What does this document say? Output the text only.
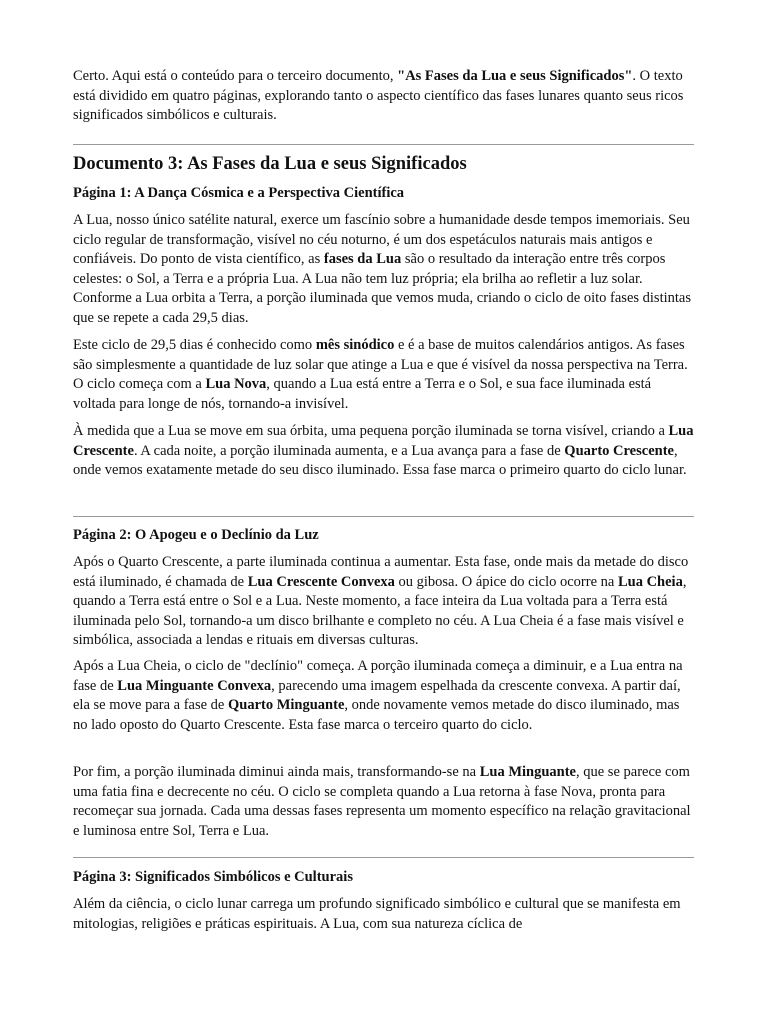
Certo. Aqui está o conteúdo para o terceiro documento, "As Fases da Lua e seus Significados". O texto está dividido em quatro páginas, explorando tanto o aspecto científico das fases lunares quanto seus ricos significados simbólicos e culturais.

Documento 3: As Fases da Lua e seus Significados
Página 1: A Dança Cósmica e a Perspectiva Científica

A Lua, nosso único satélite natural, exerce um fascínio sobre a humanidade desde tempos imemoriais. Seu ciclo regular de transformação, visível no céu noturno, é um dos espetáculos naturais mais antigos e confiáveis. Do ponto de vista científico, as fases da Lua são o resultado da interação entre três corpos celestes: o Sol, a Terra e a própria Lua. A Lua não tem luz própria; ela brilha ao refletir a luz solar. Conforme a Lua orbita a Terra, a porção iluminada que vemos muda, criando o ciclo de oito fases distintas que se repete a cada 29,5 dias.

Este ciclo de 29,5 dias é conhecido como mês sinódico e é a base de muitos calendários antigos. As fases são simplesmente a quantidade de luz solar que atinge a Lua e que é visível da nossa perspectiva na Terra. O ciclo começa com a Lua Nova, quando a Lua está entre a Terra e o Sol, e sua face iluminada está voltada para longe de nós, tornando-a invisível.

À medida que a Lua se move em sua órbita, uma pequena porção iluminada se torna visível, criando a Lua Crescente. A cada noite, a porção iluminada aumenta, e a Lua avança para a fase de Quarto Crescente, onde vemos exatamente metade do seu disco iluminado. Essa fase marca o primeiro quarto do ciclo lunar.

Página 2: O Apogeu e o Declínio da Luz

Após o Quarto Crescente, a parte iluminada continua a aumentar. Esta fase, onde mais da metade do disco está iluminado, é chamada de Lua Crescente Convexa ou gibosa. O ápice do ciclo ocorre na Lua Cheia, quando a Terra está entre o Sol e a Lua. Neste momento, a face inteira da Lua voltada para a Terra está iluminada pelo Sol, tornando-a um disco brilhante e completo no céu. A Lua Cheia é a fase mais visível e simbólica, associada a lendas e rituais em diversas culturas.

Após a Lua Cheia, o ciclo de "declínio" começa. A porção iluminada começa a diminuir, e a Lua entra na fase de Lua Minguante Convexa, parecendo uma imagem espelhada da crescente convexa. A partir daí, ela se move para a fase de Quarto Minguante, onde novamente vemos metade do disco iluminado, mas no lado oposto do Quarto Crescente. Esta fase marca o terceiro quarto do ciclo.

Por fim, a porção iluminada diminui ainda mais, transformando-se na Lua Minguante, que se parece com uma fatia fina e decrecente no céu. O ciclo se completa quando a Lua retorna à fase Nova, pronta para recomeçar sua jornada. Cada uma dessas fases representa um momento específico na relação gravitacional e luminosa entre Sol, Terra e Lua.

Página 3: Significados Simbólicos e Culturais

Além da ciência, o ciclo lunar carrega um profundo significado simbólico e cultural que se manifesta em mitologias, religiões e práticas espirituais. A Lua, com sua natureza cíclica de
